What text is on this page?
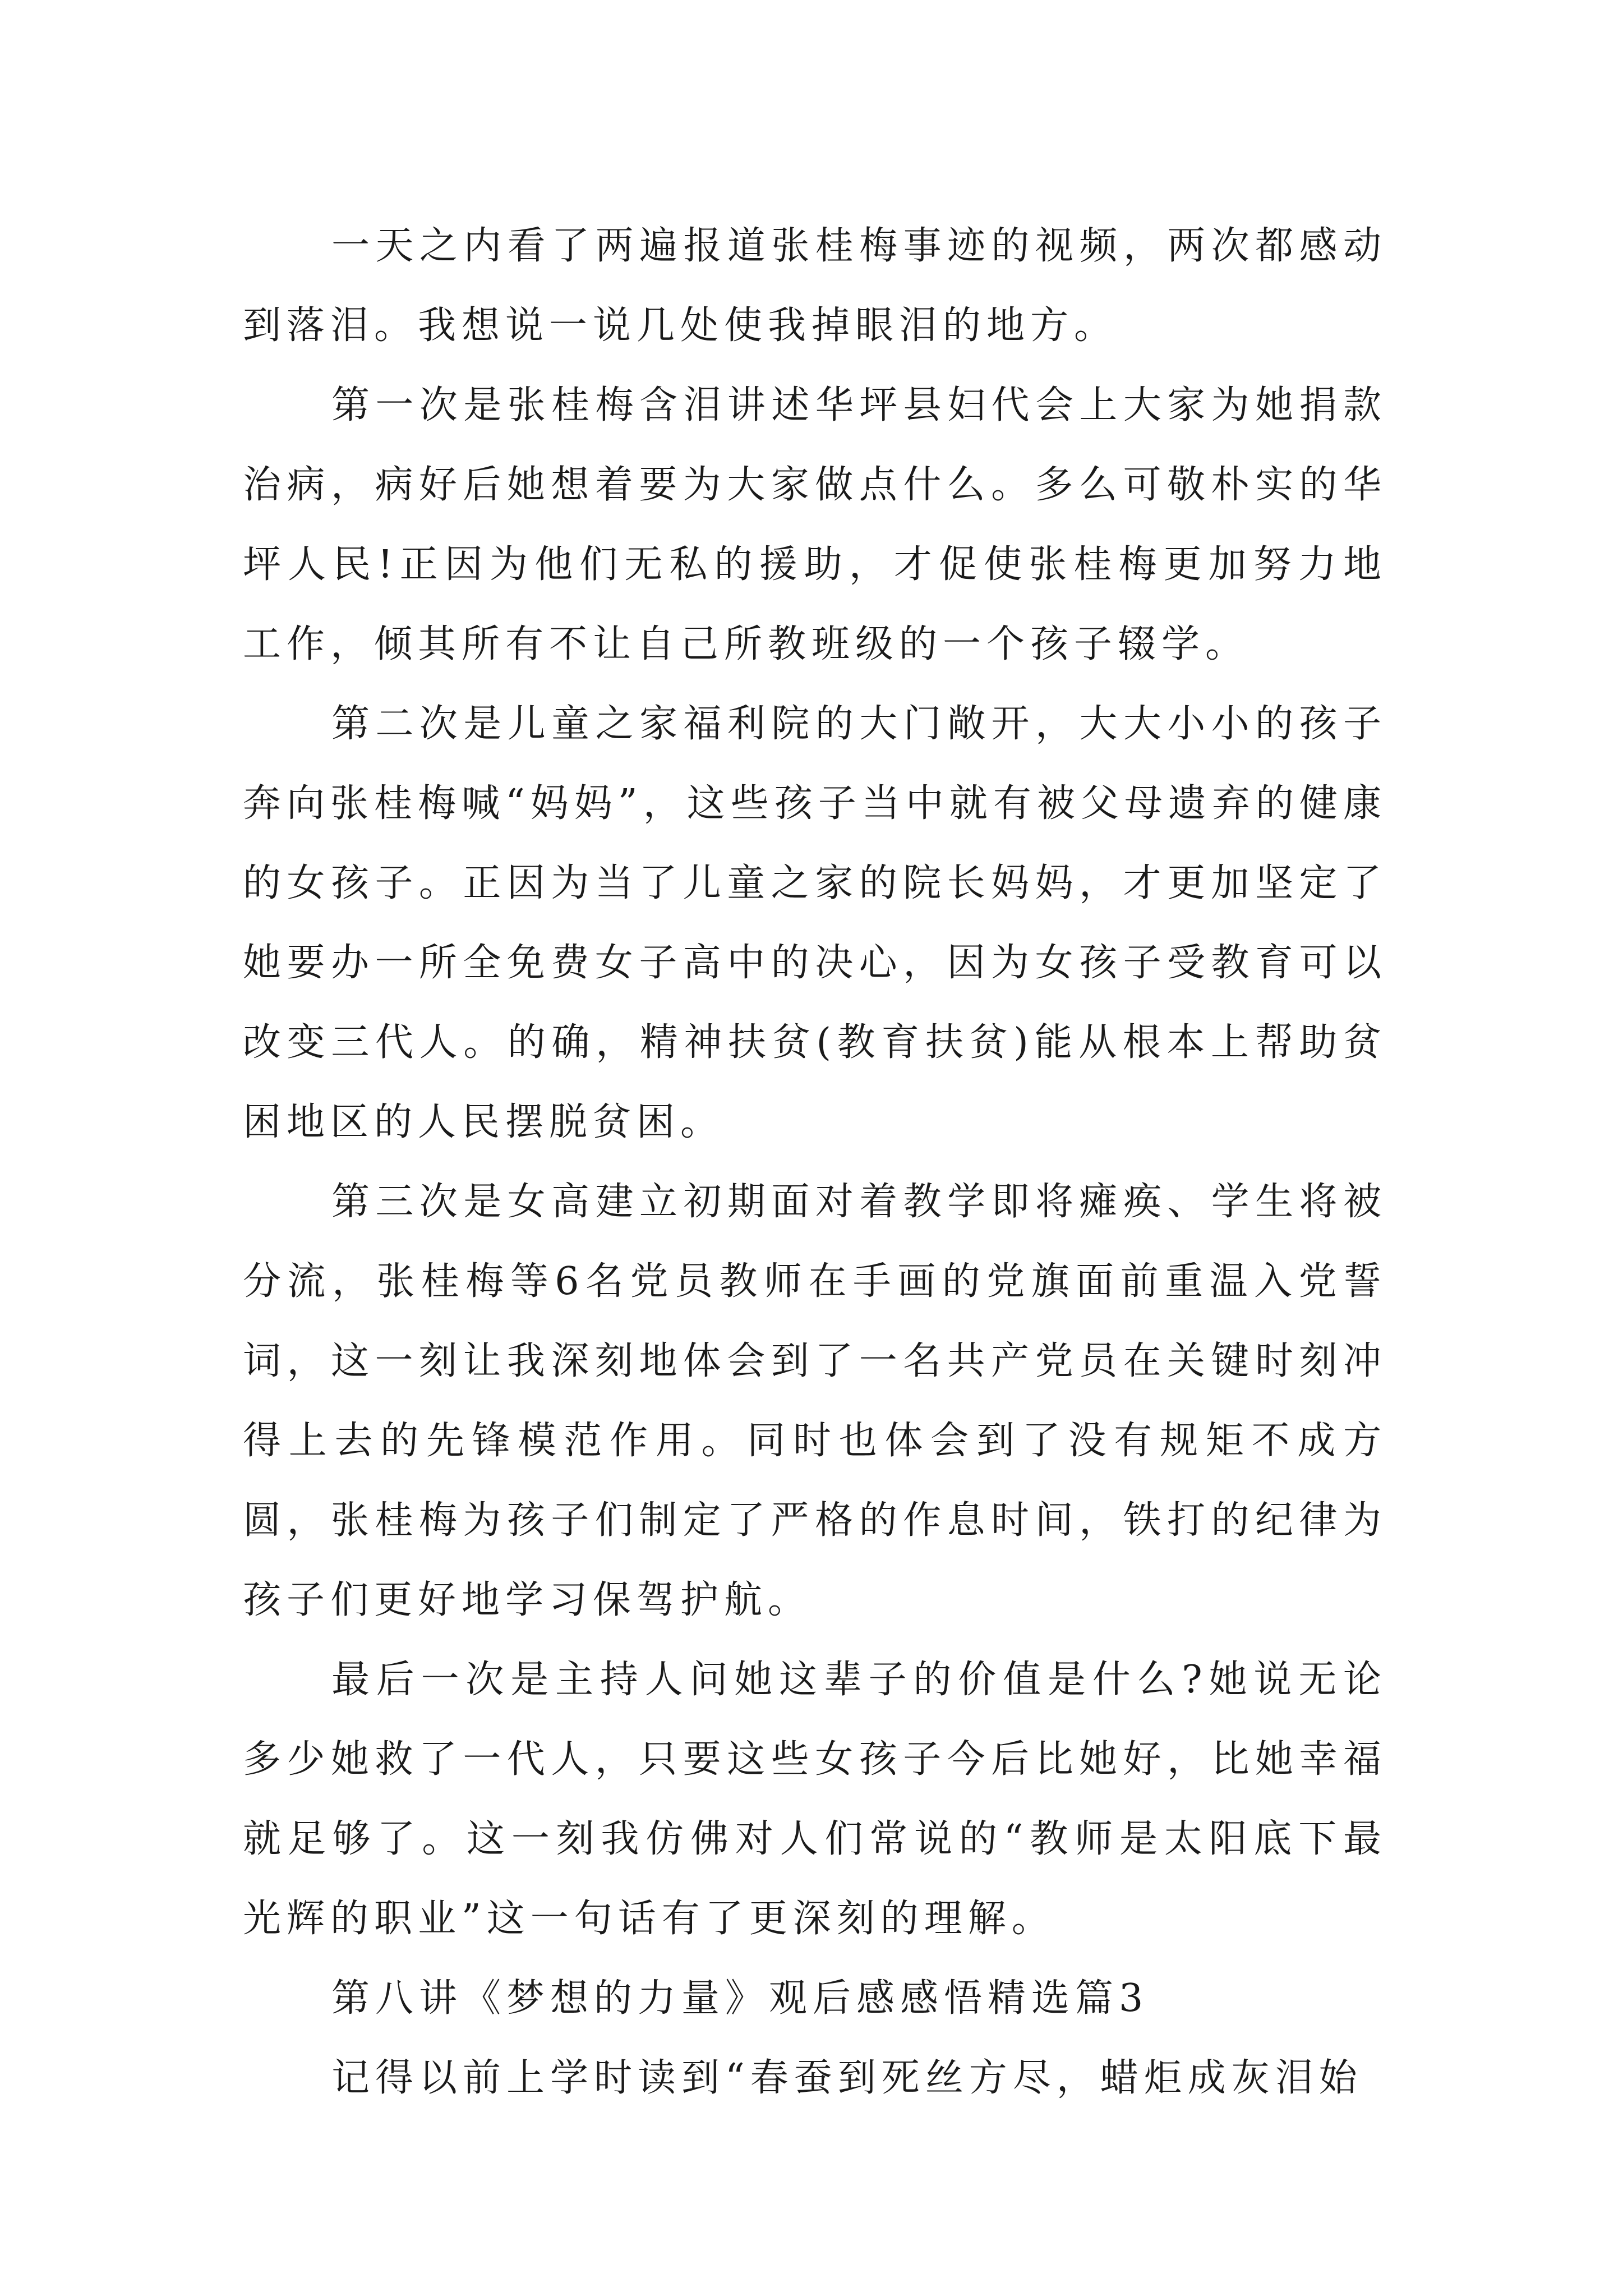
一天之内看了两遍报道张桂梅事迹的视频，两次都感动到落泪。我想说一说几处使我掉眼泪的地方。

第一次是张桂梅含泪讲述华坪县妇代会上大家为她捐款治病，病好后她想着要为大家做点什么。多么可敬朴实的华坪人民!正因为他们无私的援助，才促使张桂梅更加努力地工作，倾其所有不让自己所教班级的一个孩子辍学。

第二次是儿童之家福利院的大门敞开，大大小小的孩子奔向张桂梅喊“妈妈”，这些孩子当中就有被父母遗弃的健康的女孩子。正因为当了儿童之家的院长妈妈，才更加坚定了她要办一所全免费女子高中的决心，因为女孩子受教育可以改变三代人。的确，精神扶贫(教育扶贫)能从根本上帮助贫困地区的人民摆脱贫困。

第三次是女高建立初期面对着教学即将瘫痪、学生将被分流，张桂梅等6名党员教师在手画的党旗面前重温入党誓词，这一刻让我深刻地体会到了一名共产党员在关键时刻冲得上去的先锋模范作用。同时也体会到了没有规矩不成方圆，张桂梅为孩子们制定了严格的作息时间，铁打的纪律为孩子们更好地学习保驾护航。

最后一次是主持人问她这辈子的价值是什么?她说无论多少她救了一代人，只要这些女孩子今后比她好，比她幸福就足够了。这一刻我仿佛对人们常说的“教师是太阳底下最光辉的职业”这一句话有了更深刻的理解。

第八讲《梦想的力量》观后感感悟精选篇3

记得以前上学时读到“春蚕到死丝方尽，蜡炬成灰泪始
